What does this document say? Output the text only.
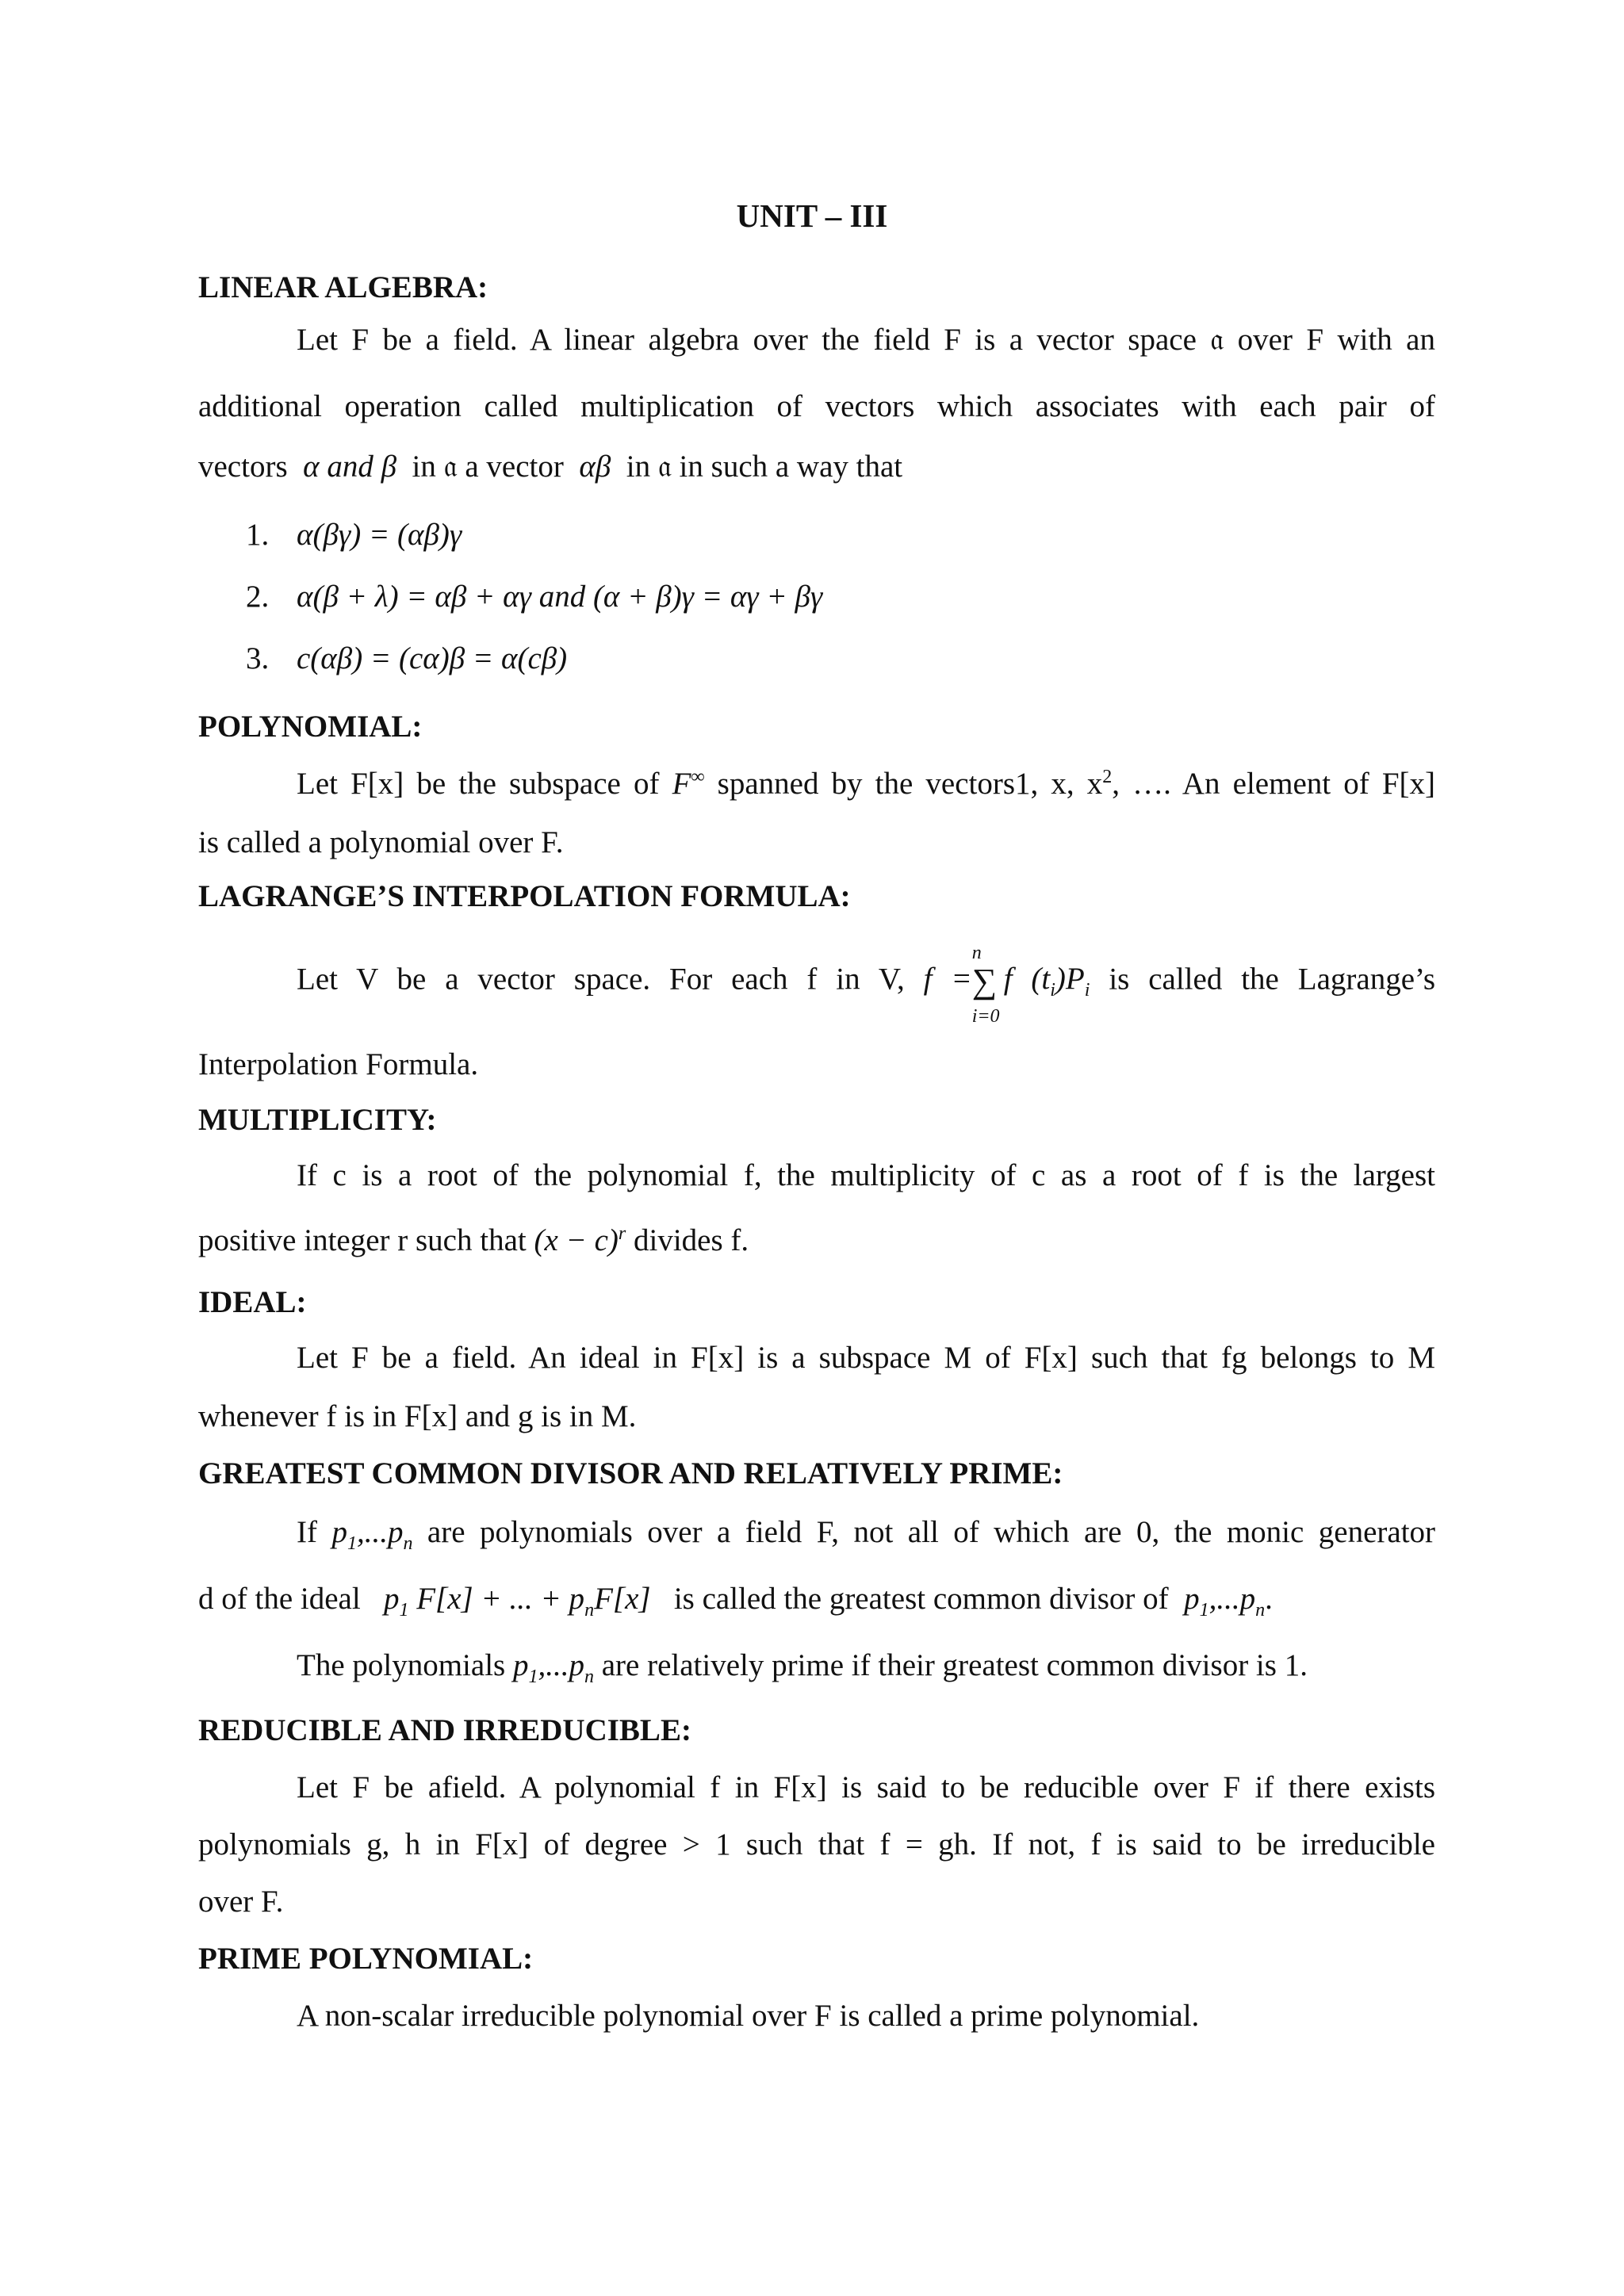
UNIT – III
LINEAR ALGEBRA:
Let F be a field. A linear algebra over the field F is a vector space 𝔞 over F with an
additional operation called multiplication of vectors which associates with each pair of
vectors α and β in 𝔞 a vector αβ in 𝔞 in such a way that
1. α(βγ) = (αβ)γ
2. α(β + λ) = αβ + αγ and (α + β)γ = αγ + βγ
3. c(αβ) = (cα)β = α(cβ)
POLYNOMIAL:
Let F[x] be the subspace of F∞ spanned by the vectors1, x, $x^2$, …. An element of F[x]
is called a polynomial over F.
LAGRANGE’S INTERPOLATION FORMULA:
Let V be a vector space. For each f in V, f =∑
n
i=0
f $(t_i)P_i$ is called the Lagrange’s
Interpolation Formula.
MULTIPLICITY:
If c is a root of the polynomial f, the multiplicity of c as a root of f is the largest
positive integer r such that $(x - c)^r$ divides f.
IDEAL:
Let F be a field. An ideal in F[x] is a subspace M of F[x] such that fg belongs to M
whenever f is in F[x] and g is in M.
GREATEST COMMON DIVISOR AND RELATIVELY PRIME:
If $p_1,...p_n$ are polynomials over a field F, not all of which are 0, the monic generator
d of the ideal $p_1$ F[x] + ... + $p_nF[x]$ is called the greatest common divisor of $p_1,...p_n$.
The polynomials $p_1,...p_n$ are relatively prime if their greatest common divisor is 1.
REDUCIBLE AND IRREDUCIBLE:
Let F be afield. A polynomial f in F[x] is said to be reducible over F if there exists
polynomials g, h in F[x] of degree > 1 such that f = gh. If not, f is said to be irreducible
over F.
PRIME POLYNOMIAL:
A non-scalar irreducible polynomial over F is called a prime polynomial.
